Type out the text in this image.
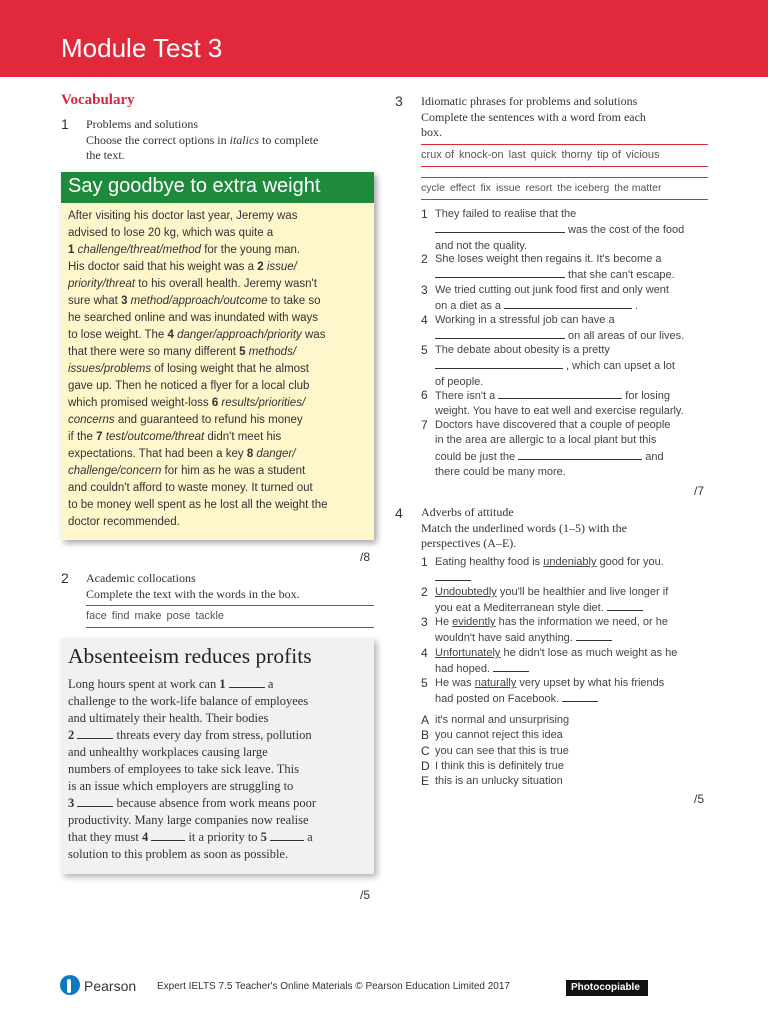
Module Test 3
Vocabulary
1 Problems and solutions
Choose the correct options in italics to complete
the text.
Say goodbye to extra weight
After visiting his doctor last year, Jeremy was
advised to lose 20 kg, which was quite a
1 challenge/threat/method for the young man.
His doctor said that his weight was a 2 issue/
priority/threat to his overall health. Jeremy wasn't
sure what 3 method/approach/outcome to take so
he searched online and was inundated with ways
to lose weight. The 4 danger/approach/priority was
that there were so many different 5 methods/
issues/problems of losing weight that he almost
gave up. Then he noticed a flyer for a local club
which promised weight-loss 6 results/priorities/
concerns and guaranteed to refund his money
if the 7 test/outcome/threat didn't meet his
expectations. That had been a key 8 danger/
challenge/concern for him as he was a student
and couldn't afford to waste money. It turned out
to be money well spent as he lost all the weight the
doctor recommended.
/8
2 Academic collocations
Complete the text with the words in the box.
face find make pose tackle
Absenteeism reduces profits
Long hours spent at work can 1	a
challenge to the work-life balance of employees
and ultimately their health. Their bodies
2	threats every day from stress, pollution
and unhealthy workplaces causing large
numbers of employees to take sick leave. This
is an issue which employers are struggling to
3	because absence from work means poor
productivity. Many large companies now realise
that they must 4	it a priority to 5	a
solution to this problem as soon as possible.
/5
3 Idiomatic phrases for problems and solutions
Complete the sentences with a word from each
box.
crux of knock-on last quick thorny tip of vicious
cycle effect fix issue resort the iceberg the matter
1 They failed to realise that the
was the cost of the food
and not the quality.
2 She loses weight then regains it. It's become a
that she can't escape.
3 We tried cutting out junk food first and only went
on a diet as a	.
4 Working in a stressful job can have a
on all areas of our lives.
5 The debate about obesity is a pretty
, which can upset a lot
of people.
6 There isn't a	for losing
weight. You have to eat well and exercise regularly.
7 Doctors have discovered that a couple of people
in the area are allergic to a local plant but this
could be just the	and
there could be many more.
/7
4 Adverbs of attitude
Match the underlined words (1–5) with the
perspectives (A–E).
1 Eating healthy food is undeniably good for you.
2 Undoubtedly you'll be healthier and live longer if
you eat a Mediterranean style diet.
3 He evidently has the information we need, or he
wouldn't have said anything.
4 Unfortunately he didn't lose as much weight as he
had hoped.
5 He was naturally very upset by what his friends
had posted on Facebook.
A it's normal and unsurprising
B you cannot reject this idea
C you can see that this is true
D I think this is definitely true
E this is an unlucky situation
/5
Pearson Expert IELTS 7.5 Teacher's Online Materials © Pearson Education Limited 2017	Photocopiable
